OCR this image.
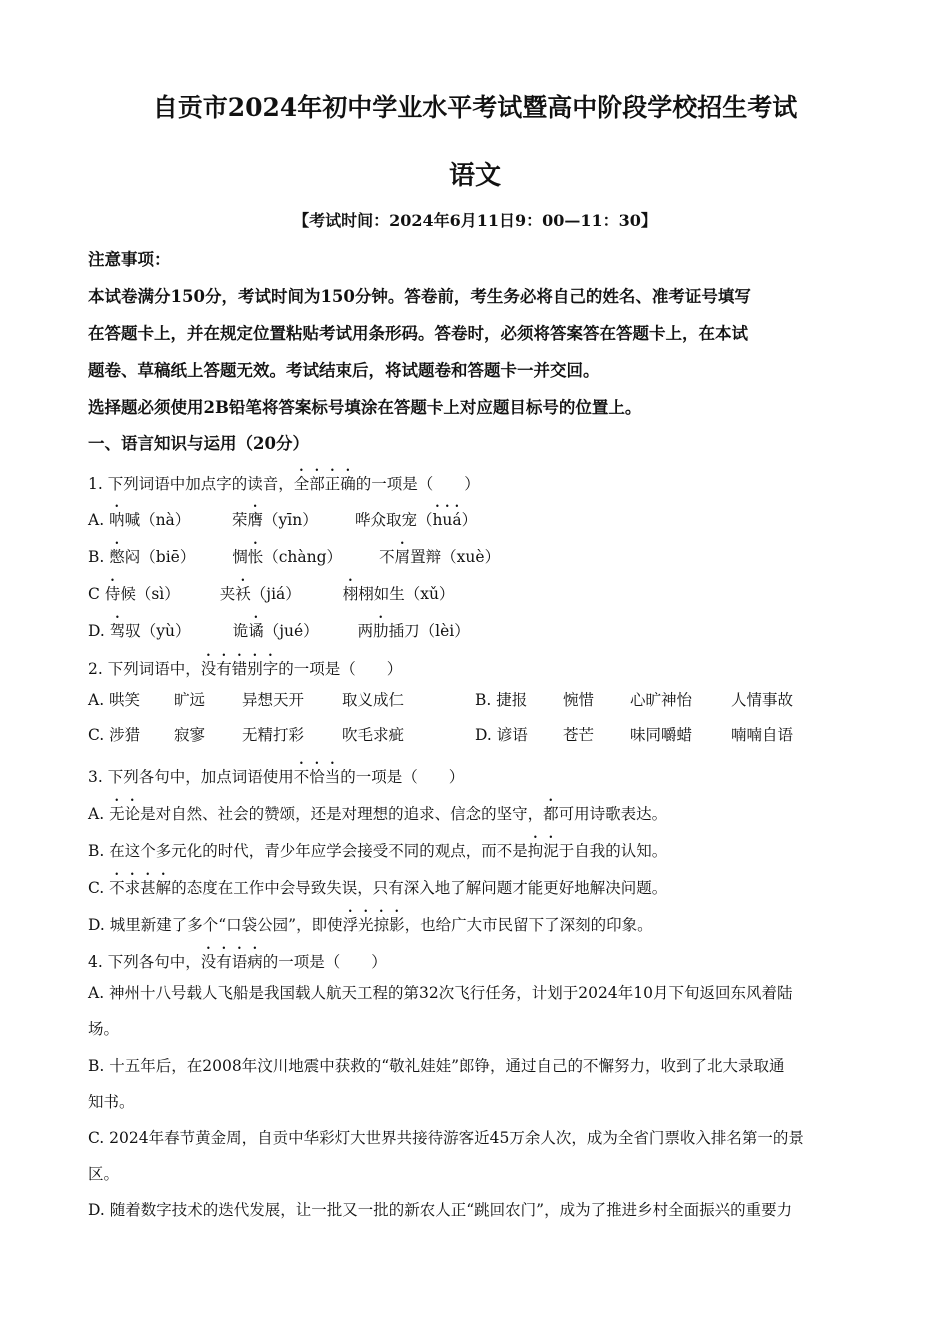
自贡市2024年初中学业水平考试暨高中阶段学校招生考试
语文
【考试时间：2024年6月11日9：00—11：30】
注意事项：
本试卷满分150分，考试时间为150分钟。答卷前，考生务必将自己的姓名、准考证号填写
在答题卡上，并在规定位置粘贴考试用条形码。答卷时，必须将答案答在答题卡上，在本试
题卷、草稿纸上答题无效。考试结束后，将试题卷和答题卡一并交回。
选择题必须使用2B铅笔将答案标号填涂在答题卡上对应题目标号的位置上。
一、语言知识与运用（20分）
1. 下列词语中加点字的读音，全部正确的一项是（　　）
A. 呐喊（nà）	荣膺（yīn） 哗众取宠（huá）
B. 憋闷（biē） 惆怅（chàng） 不屑置辩（xuè）
C 侍候（sì）	夹袄（jiá）	栩栩如生（xǔ）
D. 驾驭（yù）	诡谲（jué）	两肋插刀（lèi）
2. 下列词语中，没有错别字的一项是（　　）
A. 哄笑 旷远 异想天开 取义成仁	B. 捷报 惋惜 心旷神怡	人情事故
C. 涉猎 寂寥 无精打彩 吹毛求疵	D. 谚语 苍芒 味同嚼蜡	喃喃自语
3. 下列各句中，加点词语使用不恰当的一项是（　　）
A. 无论是对自然、社会的赞颂，还是对理想的追求、信念的坚守，都可用诗歌表达。
B. 在这个多元化的时代，青少年应学会接受不同的观点，而不是拘泥于自我的认知。
C. 不求甚解的态度在工作中会导致失误，只有深入地了解问题才能更好地解决问题。
D. 城里新建了多个“口袋公园”，即使浮光掠影，也给广大市民留下了深刻的印象。
4. 下列各句中，没有语病的一项是（　　）
A. 神州十八号载人飞船是我国载人航天工程的第32次飞行任务，计划于2024年10月下旬返回东风着陆
场。
B. 十五年后，在2008年汶川地震中获救的“敬礼娃娃”郎铮，通过自己的不懈努力，收到了北大录取通
知书。
C. 2024年春节黄金周，自贡中华彩灯大世界共接待游客近45万余人次，成为全省门票收入排名第一的景
区。
D. 随着数字技术的迭代发展，让一批又一批的新农人正“跳回农门”，成为了推进乡村全面振兴的重要力
